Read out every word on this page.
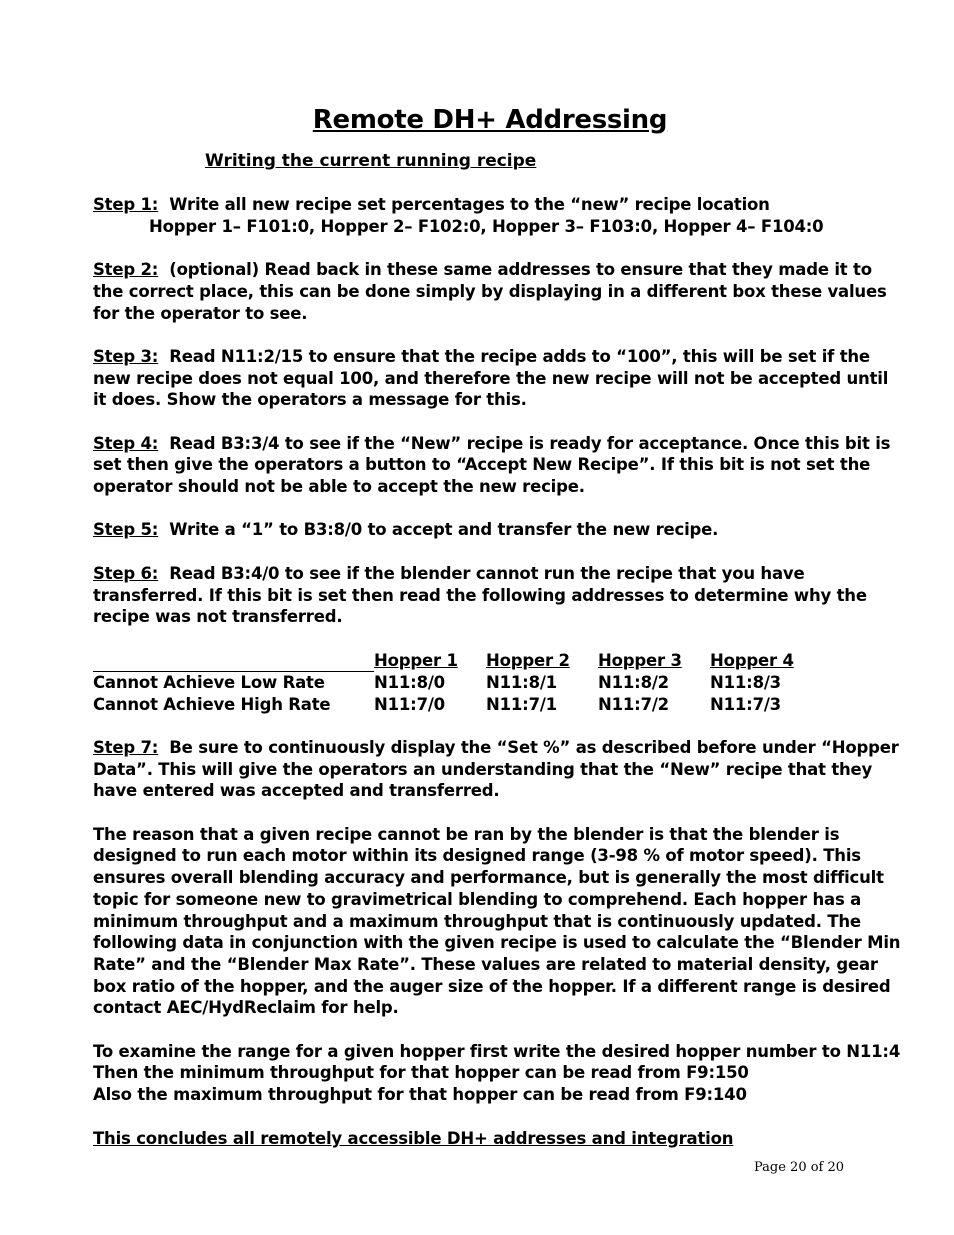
Remote DH+ Addressing
Writing the current running recipe

Step 1: Write all new recipe set percentages to the “new” recipe location
Hopper 1– F101:0, Hopper 2– F102:0, Hopper 3– F103:0, Hopper 4– F104:0

Step 2: (optional) Read back in these same addresses to ensure that they made it to the correct place, this can be done simply by displaying in a different box these values for the operator to see.

Step 3: Read N11:2/15 to ensure that the recipe adds to “100”, this will be set if the new recipe does not equal 100, and therefore the new recipe will not be accepted until it does. Show the operators a message for this.

Step 4: Read B3:3/4 to see if the “New” recipe is ready for acceptance. Once this bit is set then give the operators a button to “Accept New Recipe”. If this bit is not set the operator should not be able to accept the new recipe.

Step 5: Write a “1” to B3:8/0 to accept and transfer the new recipe.

Step 6: Read B3:4/0 to see if the blender cannot run the recipe that you have transferred. If this bit is set then read the following addresses to determine why the recipe was not transferred.

	Hopper 1	Hopper 2	Hopper 3	Hopper 4
Cannot Achieve Low Rate	N11:8/0	N11:8/1	N11:8/2	N11:8/3
Cannot Achieve High Rate	N11:7/0	N11:7/1	N11:7/2	N11:7/3

Step 7: Be sure to continuously display the “Set %” as described before under “Hopper Data”. This will give the operators an understanding that the “New” recipe that they have entered was accepted and transferred.

The reason that a given recipe cannot be ran by the blender is that the blender is designed to run each motor within its designed range (3-98 % of motor speed). This ensures overall blending accuracy and performance, but is generally the most difficult topic for someone new to gravimetrical blending to comprehend. Each hopper has a minimum throughput and a maximum throughput that is continuously updated. The following data in conjunction with the given recipe is used to calculate the “Blender Min Rate” and the “Blender Max Rate”. These values are related to material density, gear box ratio of the hopper, and the auger size of the hopper. If a different range is desired contact AEC/HydReclaim for help.

To examine the range for a given hopper first write the desired hopper number to N11:4
Then the minimum throughput for that hopper can be read from F9:150
Also the maximum throughput for that hopper can be read from F9:140

This concludes all remotely accessible DH+ addresses and integration

Page 20 of 20
